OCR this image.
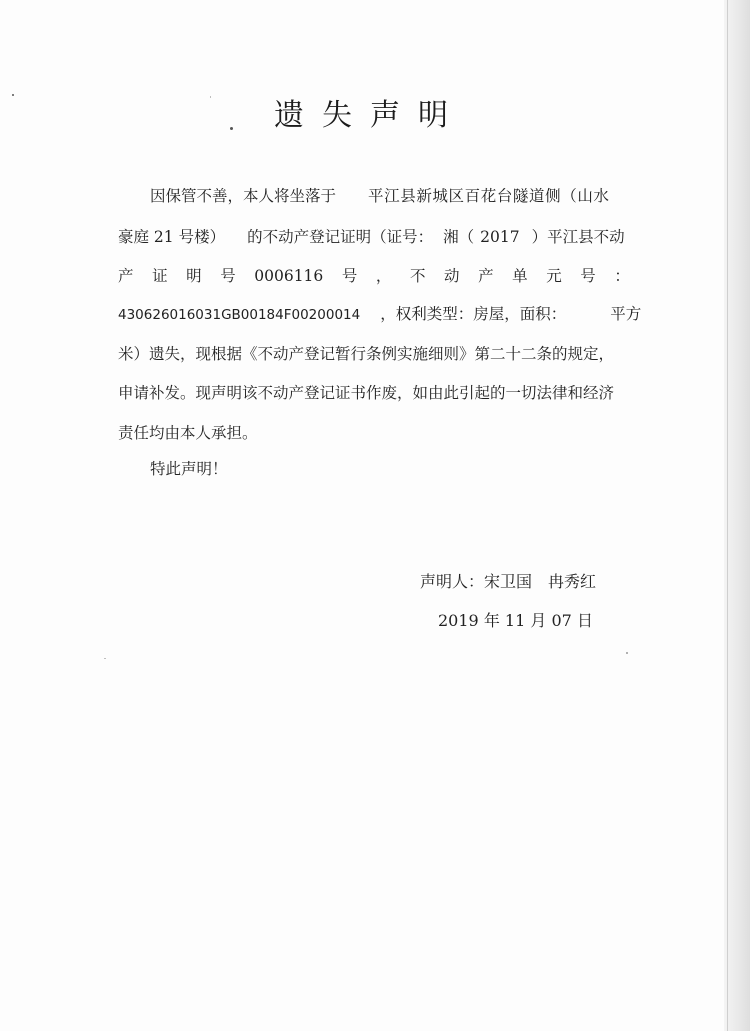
遗失声明
因保管不善，本人将坐落于 平江县新城区百花台隧道侧（山水
豪庭 21 号楼） 的不动产登记证明（证号： 湘（ 2017 ）平江县不动
产 证 明 号 0006116 号 ， 不 动 产 单 元 号 ：
430626016031GB00184F00200014 ，权利类型：房屋，面积：	平方
米）遗失，现根据《不动产登记暂行条例实施细则》第二十二条的规定，
申请补发。现声明该不动产登记证书作废，如由此引起的一切法律和经济
责任均由本人承担。
特此声明！
声明人：宋卫国 冉秀红
2019 年 11 月 07 日
